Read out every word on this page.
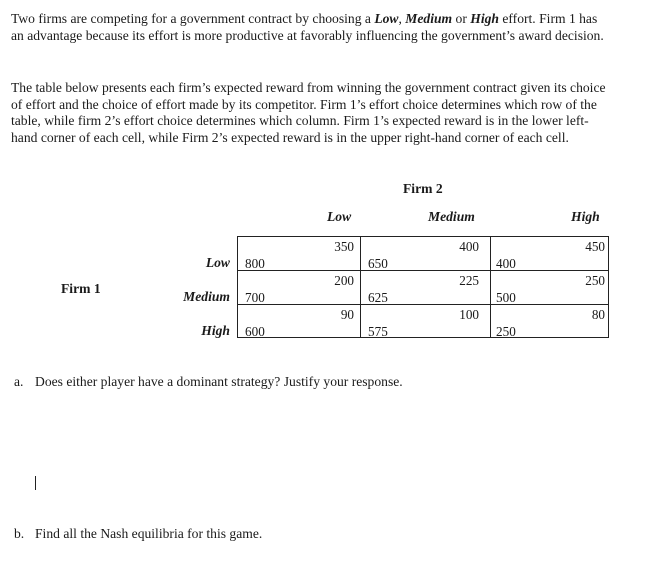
Two firms are competing for a government contract by choosing a Low, Medium or High effort. Firm 1 has an advantage because its effort is more productive at favorably influencing the government’s award decision.

The table below presents each firm’s expected reward from winning the government contract given its choice of effort and the choice of effort made by its competitor. Firm 1’s effort choice determines which row of the table, while firm 2’s effort choice determines which column. Firm 1’s expected reward is in the lower left-hand corner of each cell, while Firm 2’s expected reward is in the upper right-hand corner of each cell.

Firm 2
Low	Medium	High
Firm 1
Low
Medium
High
350
800
400
650
450
400
200
700
225
625
250
500
90
600
100
575
80
250
a. Does either player have a dominant strategy? Justify your response.
b. Find all the Nash equilibria for this game.
